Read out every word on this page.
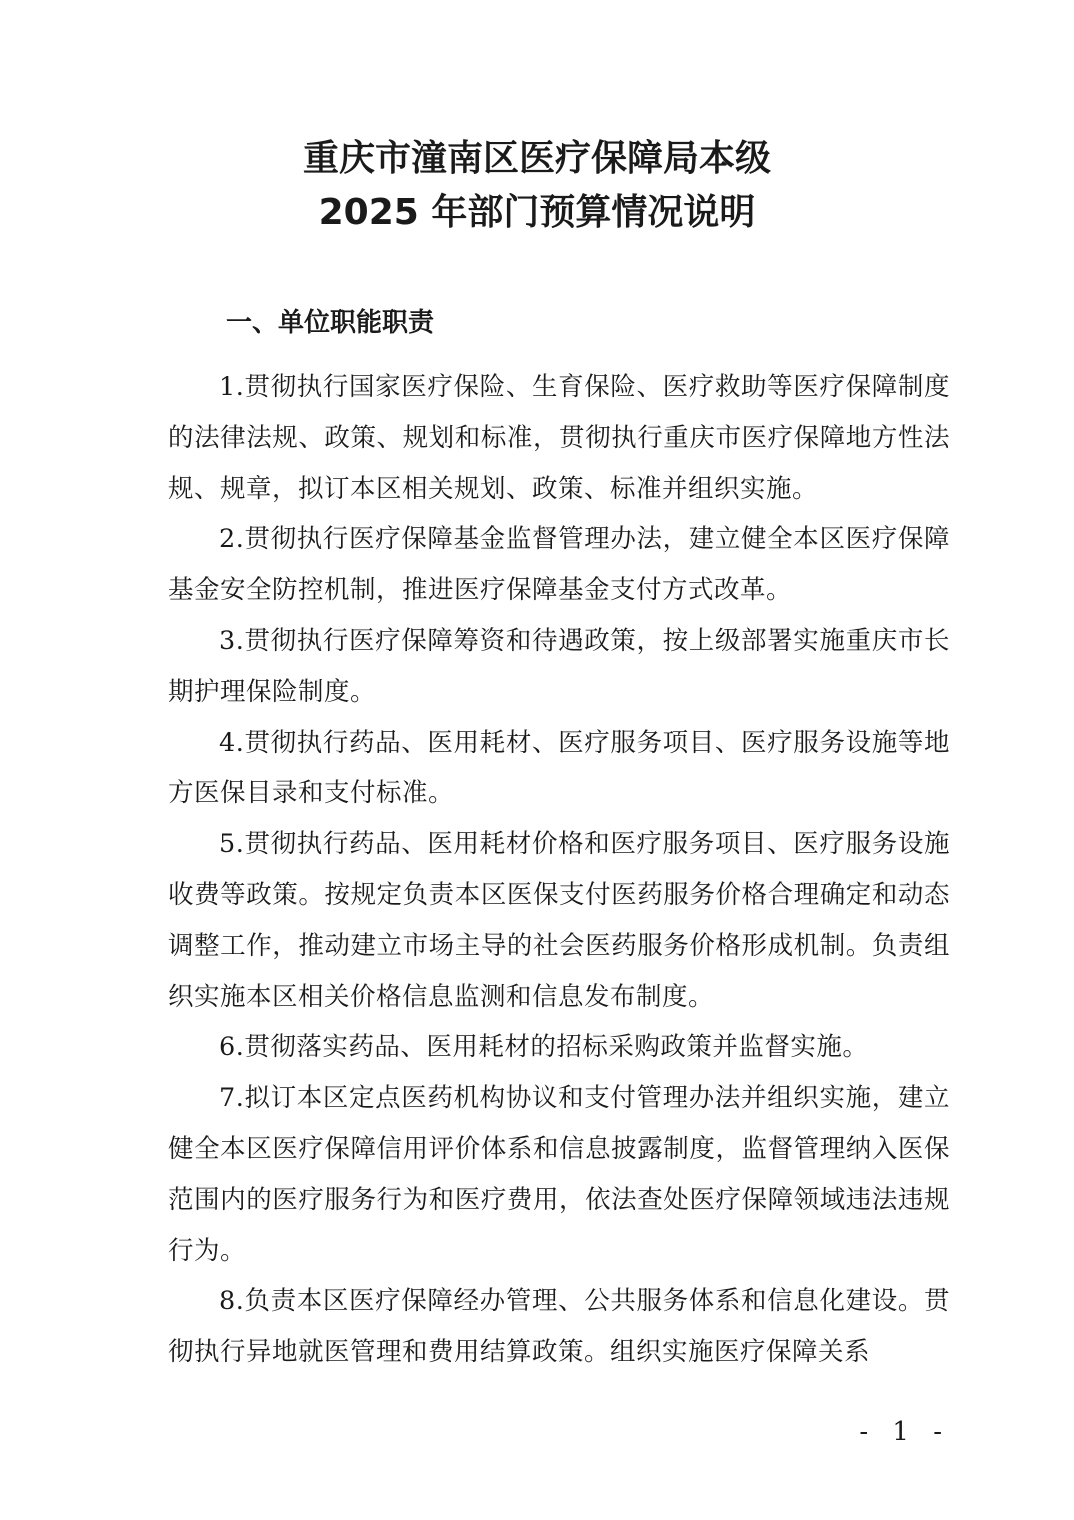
重庆市潼南区医疗保障局本级
2025 年部门预算情况说明
一、单位职能职责

1.贯彻执行国家医疗保险、生育保险、医疗救助等医疗保障制度的法律法规、政策、规划和标准，贯彻执行重庆市医疗保障地方性法规、规章，拟订本区相关规划、政策、标准并组织实施。

2.贯彻执行医疗保障基金监督管理办法，建立健全本区医疗保障基金安全防控机制，推进医疗保障基金支付方式改革。

3.贯彻执行医疗保障筹资和待遇政策，按上级部署实施重庆市长期护理保险制度。

4.贯彻执行药品、医用耗材、医疗服务项目、医疗服务设施等地方医保目录和支付标准。

5.贯彻执行药品、医用耗材价格和医疗服务项目、医疗服务设施收费等政策。按规定负责本区医保支付医药服务价格合理确定和动态调整工作，推动建立市场主导的社会医药服务价格形成机制。负责组织实施本区相关价格信息监测和信息发布制度。

6.贯彻落实药品、医用耗材的招标采购政策并监督实施。

7.拟订本区定点医药机构协议和支付管理办法并组织实施，建立健全本区医疗保障信用评价体系和信息披露制度，监督管理纳入医保范围内的医疗服务行为和医疗费用，依法查处医疗保障领域违法违规行为。

8.负责本区医疗保障经办管理、公共服务体系和信息化建设。贯彻执行异地就医管理和费用结算政策。组织实施医疗保障关系

- 1 -
